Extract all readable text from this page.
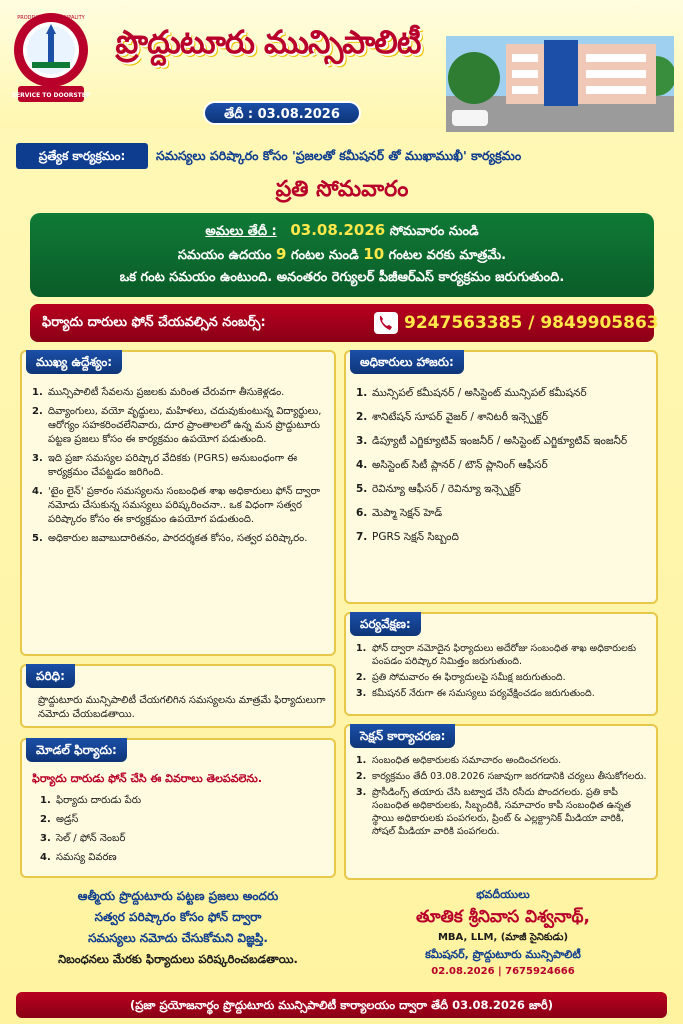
SERVICE TO DOORSTEP
PRODDATUR MUNICIPALITY
ప్రొద్దుటూరు మున్సిపాలిటీ
తేదీ : 03.08.2026
ప్రత్యేక కార్యక్రమం:	సమస్యలు పరిష్కారం కోసం 'ప్రజలతో కమీషనర్ తో ముఖాముఖీ' కార్యక్రమం
ప్రతి సోమవారం
అమలు తేదీ : 03.08.2026 సోమవారం నుండి
సమయం ఉదయం 9 గంటల నుండి 10 గంటల వరకు మాత్రమే.
ఒక గంట సమయం ఉంటుంది. అనంతరం రెగ్యులర్ పీజీఆర్ఎస్ కార్యక్రమం జరుగుతుంది.
ఫిర్యాదు దారులు ఫోన్ చేయవల్సిన నంబర్స్:	9247563385 / 9849905863
ముఖ్య ఉద్దేశ్యం:
1. మున్సిపాలిటీ సేవలను ప్రజలకు మరింత చేరువగా తీసుకెళ్లడం.
2. దివ్యాంగులు, వయో వృద్ధులు, మహిళలు, చదువుకుంటున్న విద్యార్థులు, ఆరోగ్యం సహకరించలేనివారు, దూర ప్రాంతాలలో ఉన్న మన ప్రొద్దుటూరు పట్టణ ప్రజలు కోసం ఈ కార్యక్రమం ఉపయోగ పడుతుంది.
3. ఇది ప్రజా సమస్యల పరిష్కార వేదికకు (PGRS) అనుబంధంగా ఈ కార్యక్రమం చేపట్టడం జరిగింది.
4. 'టైం లైన్' ప్రకారం సమస్యలను సంబంధిత శాఖ అధికారులు ఫోన్ ద్వారా నమోదు చేసుకున్న సమస్యలు పరిష్కరించనా.. ఒక విధంగా సత్వర పరిష్కారం కోసం ఈ కార్యక్రమం ఉపయోగ పడుతుంది.
5. అధికారుల జవాబుదారితనం, పారదర్శకత కోసం, సత్వర పరిష్కారం.
పరిధి:
ప్రొద్దుటూరు మున్సిపాలిటీ చేయగలిగిన సమస్యలను మాత్రమే ఫిర్యాదులుగా నమోదు చేయబడతాయి.
మోడల్ ఫిర్యాదు:
ఫిర్యాదు దారుడు ఫోన్ చేసి ఈ వివరాలు తెలపవలెను.
1. ఫిర్యాదు దారుడు పేరు
2. అడ్రస్
3. సెల్ / ఫోన్ నెంబర్
4. సమస్య వివరణ
అధికారులు హాజరు:
1. మున్సిపల్ కమీషనర్ / అసిస్టెంట్ మున్సిపల్ కమీషనర్
2. శానిటేషన్ సూపర్ వైజర్ / శానిటరీ ఇన్స్పెక్టర్
3. డిప్యూటీ ఎగ్జిక్యూటివ్ ఇంజనీర్ / అసిస్టెంట్ ఎగ్జిక్యూటివ్ ఇంజనీర్
4. అసిస్టెంట్ సిటీ ప్లానర్ / టౌన్ ప్లానింగ్ ఆఫీసర్
5. రెవిన్యూ ఆఫీసర్ / రెవిన్యూ ఇన్స్పెక్టర్
6. మెప్మా సెక్షన్ హెడ్
7. PGRS సెక్షన్ సిబ్బంది
పర్యవేక్షణ:
1. ఫోన్ ద్వారా నమోదైన ఫిర్యాదులు అదేరోజు సంబంధిత శాఖ అధికారులకు పంపడం పరిష్కార నిమిత్తం జరుగుతుంది.
2. ప్రతి సోమవారం ఈ ఫిర్యాదులపై సమీక్ష జరుగుతుంది.
3. కమీషనర్ నేరుగా ఈ సమస్యలు పర్యవేక్షించడం జరుగుతుంది.
సెక్షన్ కార్యాచరణ:
1. సంబంధిత అధికారులకు సమాచారం అందించగలరు.
2. కార్యక్రమం తేదీ 03.08.2026 సజావుగా జరగడానికి చర్యలు తీసుకోగలరు.
3. ప్రొసీడింగ్స్ తయారు చేసి బట్వాడ చేసి రసీదు పొందగలరు. ప్రతి కాపీ సంబంధిత అధికారులకు, సిబ్బందికి, సమాచారం కాపీ సంబంధిత ఉన్నత స్థాయి అధికారులకు పంపగలరు, ప్రింట్ & ఎల్లక్ట్రానిక్ మీడియా వారికి, సోషల్ మీడియా వారికి పంపగలరు.
ఆత్మీయ ప్రొద్దుటూరు పట్టణ ప్రజలు అందరు
సత్వర పరిష్కారం కోసం ఫోన్ ద్వారా
సమస్యలు నమోదు చేసుకోమని విజ్ఞప్తి.
నిబంధనలు మేరకు ఫిర్యాదులు పరిష్కరించబడతాయి.
భవదీయులు
తూతిక శ్రీనివాస విశ్వనాథ్,
MBA, LLM, (మాజీ సైనికుడు)
కమీషనర్, ప్రొద్దుటూరు మున్సిపాలిటీ
02.08.2026 | 7675924666
(ప్రజా ప్రయోజనార్థం ప్రొద్దుటూరు మున్సిపాలిటీ కార్యాలయం ద్వారా తేదీ 03.08.2026 జారీ)
